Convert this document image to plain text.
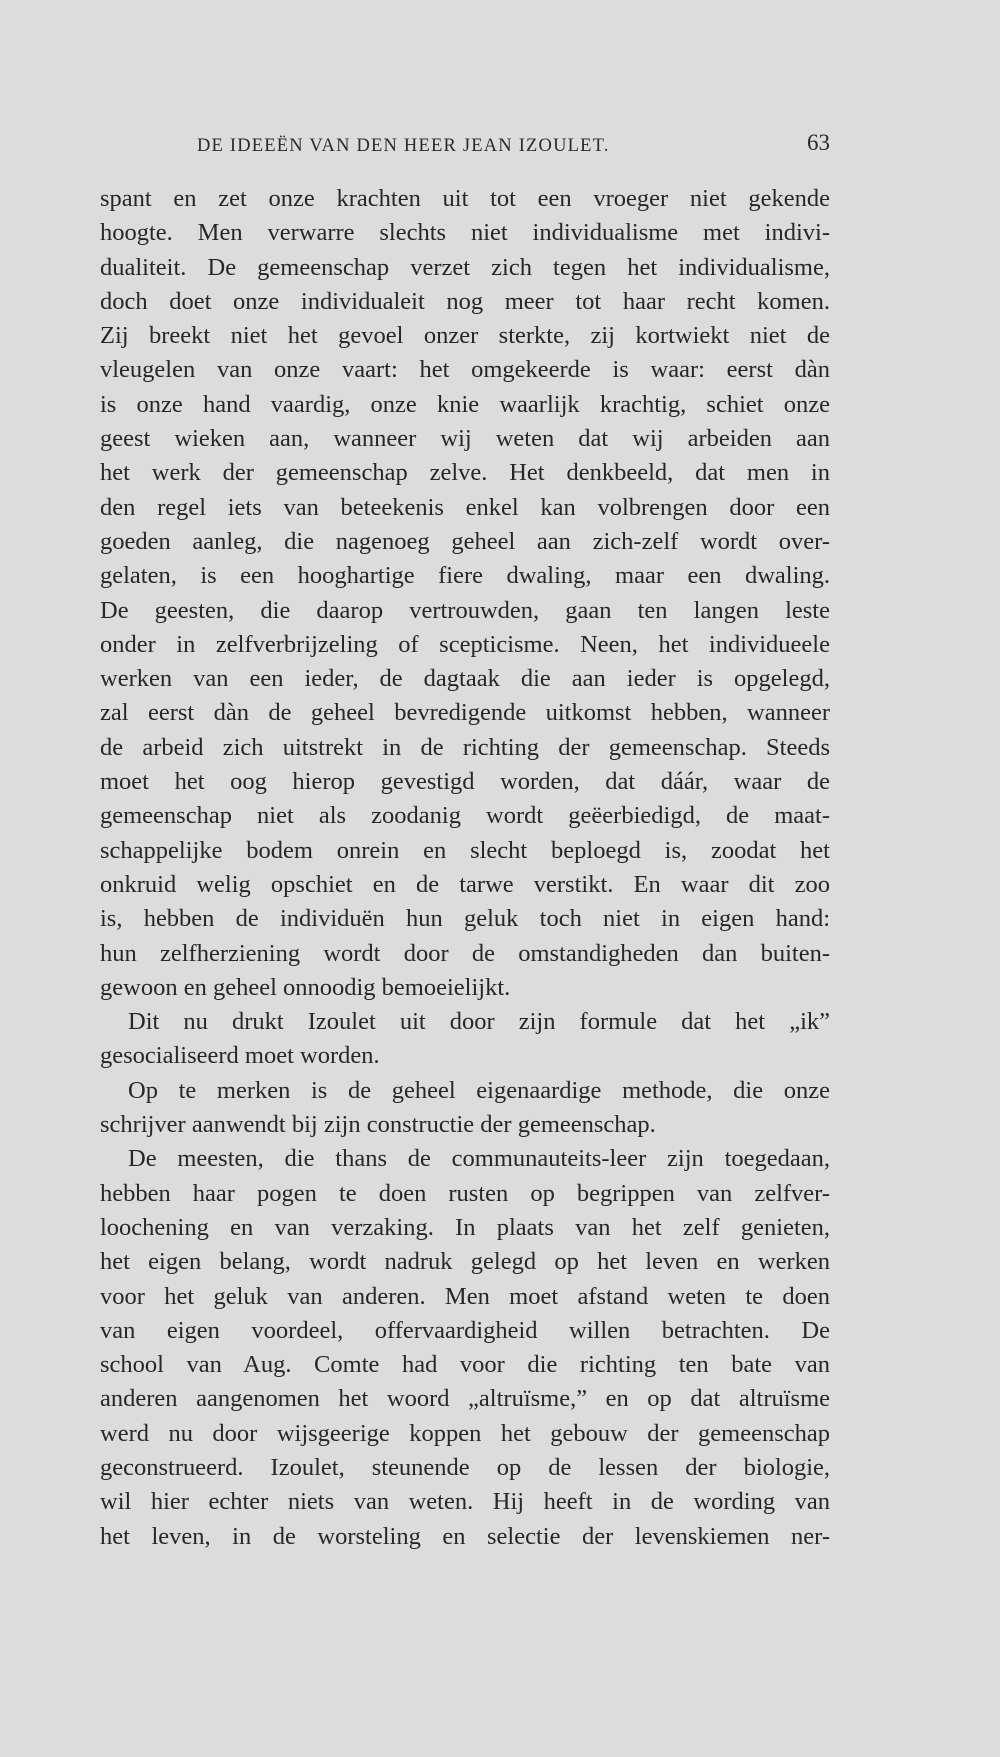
DE IDEEËN VAN DEN HEER JEAN IZOULET.	63
spant en zet onze krachten uit tot een vroeger niet gekende
hoogte. Men verwarre slechts niet individualisme met indivi-
dualiteit. De gemeenschap verzet zich tegen het individualisme,
doch doet onze individualeit nog meer tot haar recht komen.
Zij breekt niet het gevoel onzer sterkte, zij kortwiekt niet de
vleugelen van onze vaart: het omgekeerde is waar: eerst dàn
is onze hand vaardig, onze knie waarlijk krachtig, schiet onze
geest wieken aan, wanneer wij weten dat wij arbeiden aan
het werk der gemeenschap zelve. Het denkbeeld, dat men in
den regel iets van beteekenis enkel kan volbrengen door een
goeden aanleg, die nagenoeg geheel aan zich-zelf wordt over-
gelaten, is een hooghartige fiere dwaling, maar een dwaling.
De geesten, die daarop vertrouwden, gaan ten langen leste
onder in zelfverbrijzeling of scepticisme. Neen, het individueele
werken van een ieder, de dagtaak die aan ieder is opgelegd,
zal eerst dàn de geheel bevredigende uitkomst hebben, wanneer
de arbeid zich uitstrekt in de richting der gemeenschap. Steeds
moet het oog hierop gevestigd worden, dat dáár, waar de
gemeenschap niet als zoodanig wordt geëerbiedigd, de maat-
schappelijke bodem onrein en slecht beploegd is, zoodat het
onkruid welig opschiet en de tarwe verstikt. En waar dit zoo
is, hebben de individuën hun geluk toch niet in eigen hand:
hun zelfherziening wordt door de omstandigheden dan buiten-
gewoon en geheel onnoodig bemoeielijkt.
Dit nu drukt Izoulet uit door zijn formule dat het „ik”
gesocialiseerd moet worden.
Op te merken is de geheel eigenaardige methode, die onze
schrijver aanwendt bij zijn constructie der gemeenschap.
De meesten, die thans de communauteits-leer zijn toegedaan,
hebben haar pogen te doen rusten op begrippen van zelfver-
loochening en van verzaking. In plaats van het zelf genieten,
het eigen belang, wordt nadruk gelegd op het leven en werken
voor het geluk van anderen. Men moet afstand weten te doen
van eigen voordeel, offervaardigheid willen betrachten. De
school van Aug. Comte had voor die richting ten bate van
anderen aangenomen het woord „altruïsme,” en op dat altruïsme
werd nu door wijsgeerige koppen het gebouw der gemeenschap
geconstrueerd. Izoulet, steunende op de lessen der biologie,
wil hier echter niets van weten. Hij heeft in de wording van
het leven, in de worsteling en selectie der levenskiemen ner-
